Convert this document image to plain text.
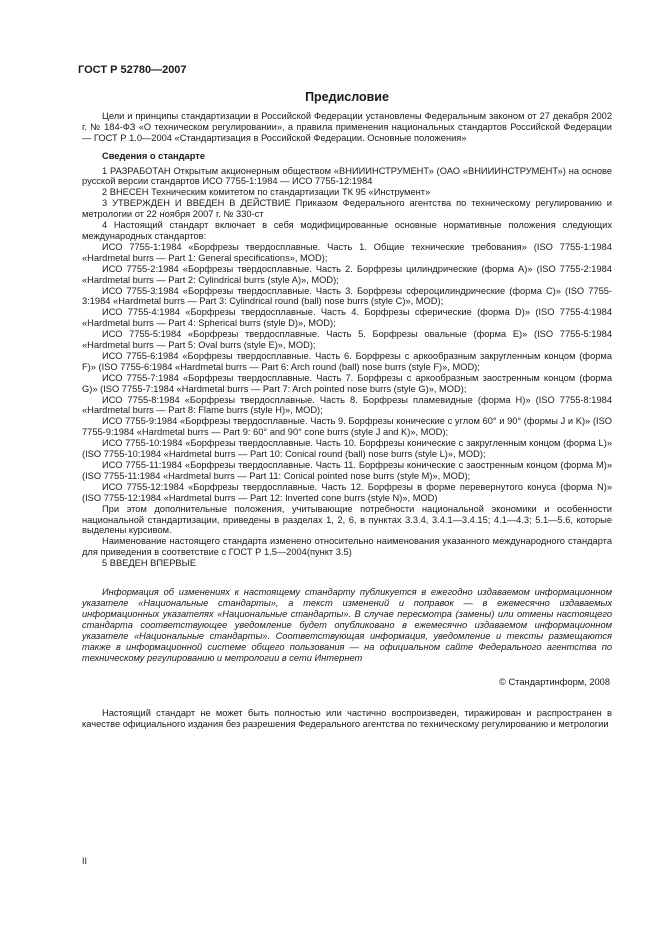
ГОСТ Р 52780—2007
Предисловие

Цели и принципы стандартизации в Российской Федерации установлены Федеральным законом от 27 декабря 2002 г. № 184-ФЗ «О техническом регулировании», а правила применения национальных стандартов Российской Федерации — ГОСТ Р 1.0—2004 «Стандартизация в Российской Федерации. Основные положения»

Сведения о стандарте

1 РАЗРАБОТАН Открытым акционерным обществом «ВНИИИНСТРУМЕНТ» (ОАО «ВНИИИНСТРУМЕНТ») на основе русской версии стандартов ИСО 7755-1:1984 — ИСО 7755-12:1984

2 ВНЕСЕН Техническим комитетом по стандартизации ТК 95 «Инструмент»

3 УТВЕРЖДЕН И ВВЕДЕН В ДЕЙСТВИЕ Приказом Федерального агентства по техническому регулированию и метрологии от 22 ноября 2007 г. № 330-ст

4 Настоящий стандарт включает в себя модифицированные основные нормативные положения следующих международных стандартов:

ИСО 7755-1:1984 «Борфрезы твердосплавные. Часть 1. Общие технические требования» (ISO 7755-1:1984 «Hardmetal burrs — Part 1: General specifications», MOD);

ИСО 7755-2:1984 «Борфрезы твердосплавные. Часть 2. Борфрезы цилиндрические (форма А)» (ISO 7755-2:1984 «Hardmetal burrs — Part 2: Cylindrical burrs (style A)», MOD);

ИСО 7755-3:1984 «Борфрезы твердосплавные. Часть 3. Борфрезы сфероцилиндрические (форма С)» (ISO 7755-3:1984 «Hardmetal burrs — Part 3: Cylindrical round (ball) nose burrs (style C)», MOD);

ИСО 7755-4:1984 «Борфрезы твердосплавные. Часть 4. Борфрезы сферические (форма D)» (ISO 7755-4:1984 «Hardmetal burrs — Part 4: Spherical burrs (style D)», MOD);

ИСО 7755-5:1984 «Борфрезы твердосплавные. Часть 5. Борфрезы овальные (форма Е)» (ISO 7755-5:1984 «Hardmetal burrs — Part 5: Oval burrs (style E)», MOD);

ИСО 7755-6:1984 «Борфрезы твердосплавные. Часть 6. Борфрезы с аркообразным закругленным концом (форма F)» (ISO 7755-6:1984 «Hardmetal burrs — Part 6: Arch round (ball) nose burrs (style F)», MOD);

ИСО 7755-7:1984 «Борфрезы твердосплавные. Часть 7. Борфрезы с аркообразным заостренным концом (форма G)» (ISO 7755-7:1984 «Hardmetal burrs — Part 7: Arch pointed nose burrs (style G)», MOD);

ИСО 7755-8:1984 «Борфрезы твердосплавные. Часть 8. Борфрезы пламевидные (форма Н)» (ISO 7755-8:1984 «Hardmetal burrs — Part 8: Flame burrs (style H)», MOD);

ИСО 7755-9:1984 «Борфрезы твердосплавные. Часть 9. Борфрезы конические с углом 60° и 90° (формы J и K)» (ISO 7755-9:1984 «Hardmetal burrs — Part 9: 60° and 90° cone burrs (style J and K)», MOD);

ИСО 7755-10:1984 «Борфрезы твердосплавные. Часть 10. Борфрезы конические с закругленным концом (форма L)» (ISO 7755-10:1984 «Hardmetal burrs — Part 10: Conical round (ball) nose burrs (style L)», MOD);

ИСО 7755-11:1984 «Борфрезы твердосплавные. Часть 11. Борфрезы конические с заостренным концом (форма М)» (ISO 7755-11:1984 «Hardmetal burrs — Part 11: Conical pointed nose burrs (style M)», MOD);

ИСО 7755-12:1984 «Борфрезы твердосплавные. Часть 12. Борфрезы в форме перевернутого конуса (форма N)» (ISO 7755-12:1984 «Hardmetal burrs — Part 12: Inverted cone burrs (style N)», MOD)

При этом дополнительные положения, учитывающие потребности национальной экономики и особенности национальной стандартизации, приведены в разделах 1, 2, 6, в пунктах 3.3.4, 3.4.1—3.4.15; 4.1—4.3; 5.1—5.6, которые выделены курсивом.

Наименование настоящего стандарта изменено относительно наименования указанного международного стандарта для приведения в соответствие с ГОСТ Р 1.5—2004(пункт 3.5)

5 ВВЕДЕН ВПЕРВЫЕ

Информация об изменениях к настоящему стандарту публикуется в ежегодно издаваемом информационном указателе «Национальные стандарты», а текст изменений и поправок — в ежемесячно издаваемых информационных указателях «Национальные стандарты». В случае пересмотра (замены) или отмены настоящего стандарта соответствующее уведомление будет опубликовано в ежемесячно издаваемом информационном указателе «Национальные стандарты». Соответствующая информация, уведомление и тексты размещаются также в информационной системе общего пользования — на официальном сайте Федерального агентства по техническому регулированию и метрологии в сети Интернет

© Стандартинформ, 2008

Настоящий стандарт не может быть полностью или частично воспроизведен, тиражирован и распространен в качестве официального издания без разрешения Федерального агентства по техническому регулированию и метрологии

II
